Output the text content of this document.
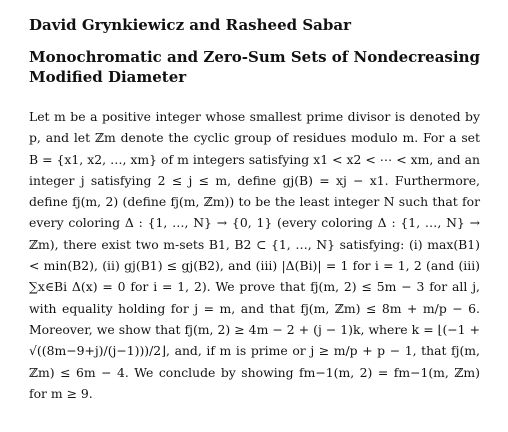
David Grynkiewicz and Rasheed Sabar

Monochromatic and Zero-Sum Sets of Nondecreasing Modified Diameter

Let m be a positive integer whose smallest prime divisor is denoted by p, and let ℤm denote the cyclic group of residues modulo m. For a set B = {x1, x2, …, xm} of m integers satisfying x1 < x2 < ⋯ < xm, and an integer j satisfying 2 ≤ j ≤ m, define gj(B) = xj − x1. Furthermore, define fj(m, 2) (define fj(m, ℤm)) to be the least integer N such that for every coloring Δ : {1, …, N} → {0, 1} (every coloring Δ : {1, …, N} → ℤm), there exist two m-sets B1, B2 ⊂ {1, …, N} satisfying: (i) max(B1) < min(B2), (ii) gj(B1) ≤ gj(B2), and (iii) |Δ(Bi)| = 1 for i = 1, 2 (and (iii) ∑x∈Bi Δ(x) = 0 for i = 1, 2). We prove that fj(m, 2) ≤ 5m − 3 for all j, with equality holding for j = m, and that fj(m, ℤm) ≤ 8m + m/p − 6. Moreover, we show that fj(m, 2) ≥ 4m − 2 + (j − 1)k, where k = ⌊(−1 + √((8m−9+j)/(j−1)))/2⌋, and, if m is prime or j ≥ m/p + p − 1, that fj(m, ℤm) ≤ 6m − 4. We conclude by showing fm−1(m, 2) = fm−1(m, ℤm) for m ≥ 9.
